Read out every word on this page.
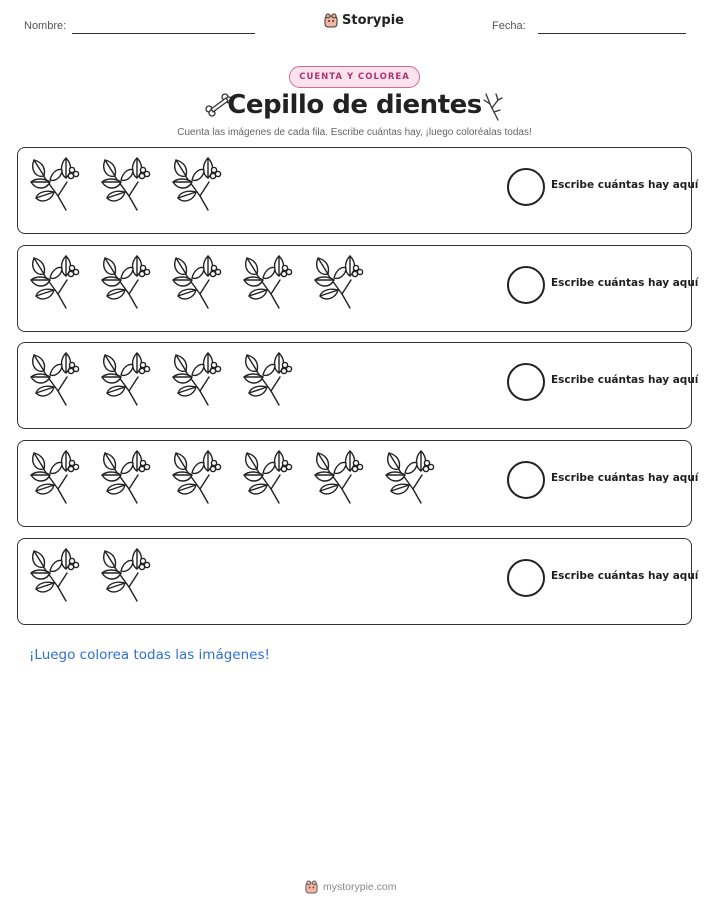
Nombre:	Storypie	Fecha:
CUENTA Y COLOREA
Cepillo de dientes
Cuenta las imágenes de cada fila. Escribe cuántas hay, ¡luego coloréalas todas!
Escribe cuántas hay aquí
Escribe cuántas hay aquí
Escribe cuántas hay aquí
Escribe cuántas hay aquí
Escribe cuántas hay aquí
¡Luego colorea todas las imágenes!
mystorypie.com
